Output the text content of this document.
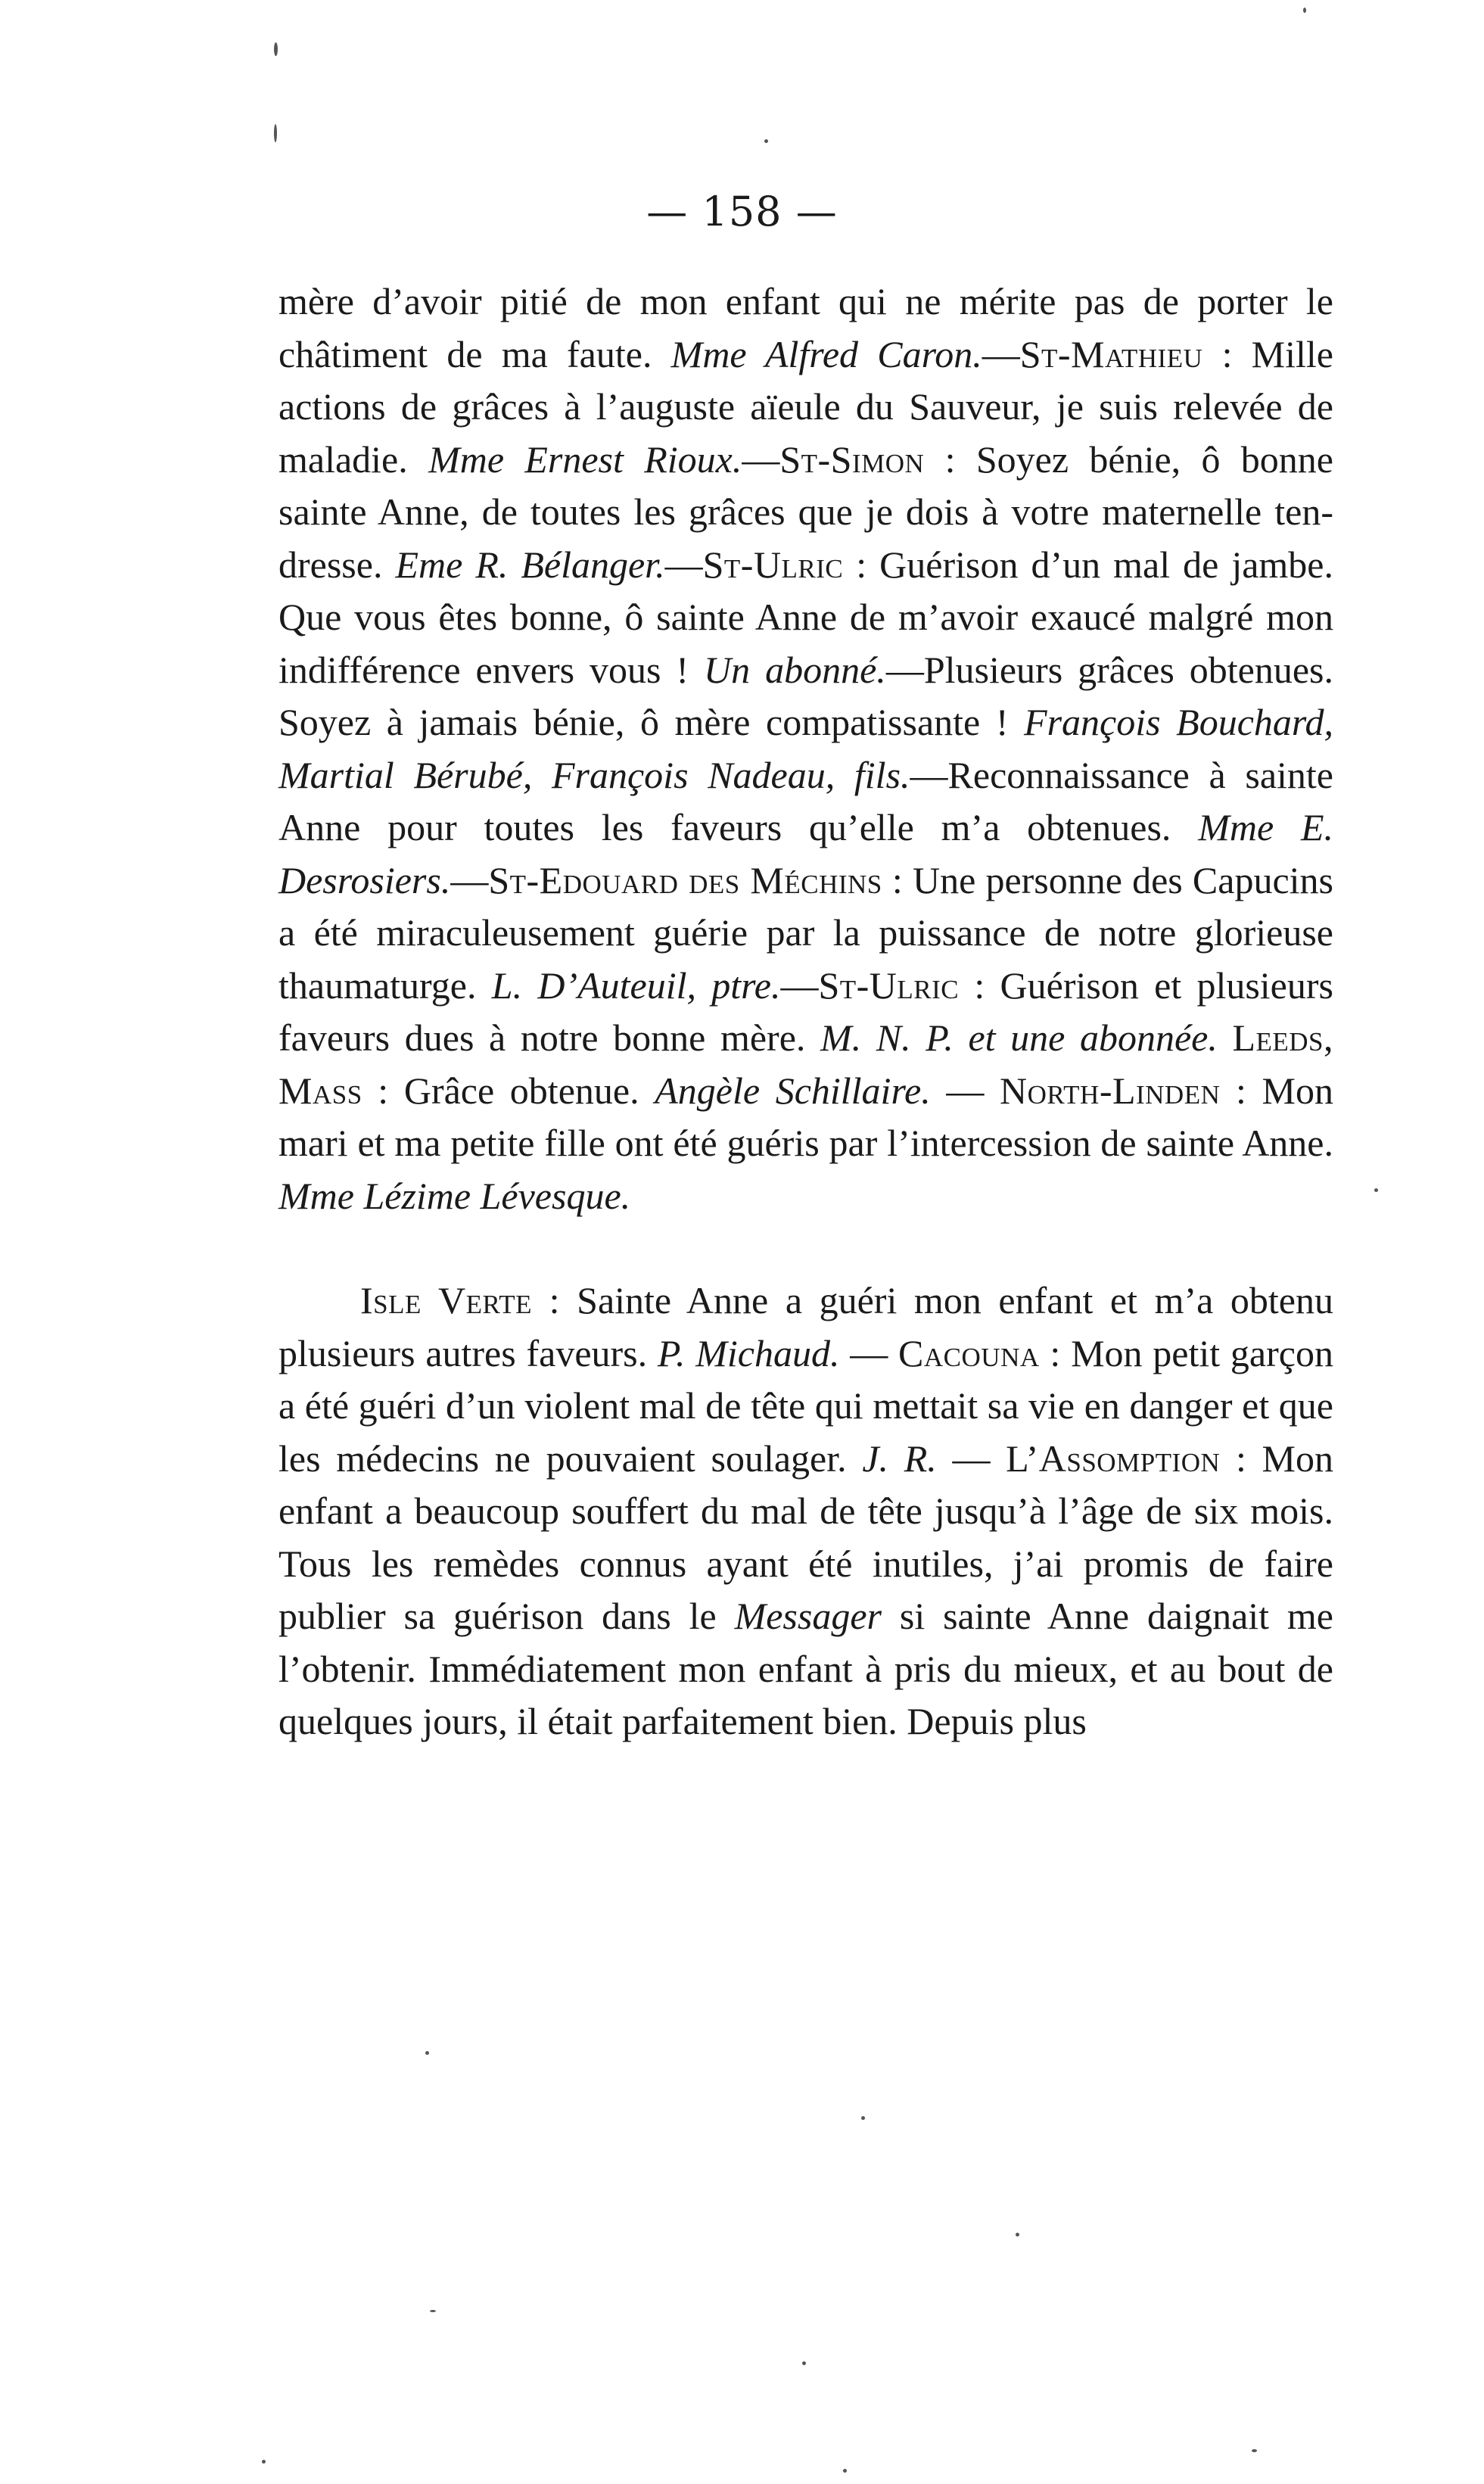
— 158 —

mère d’avoir pitié de mon enfant qui ne mérite pas de porter le châtiment de ma faute. Mme Alfred Caron.—St-Mathieu : Mille actions de grâces à l’auguste aïeule du Sauveur, je suis relevée de maladie. Mme Ernest Rioux.—St-Simon : Soyez bénie, ô bonne sainte Anne, de toutes les grâces que je dois à votre maternelle tendresse. Eme R. Bélanger.—St-Ulric : Guérison d’un mal de jambe. Que vous êtes bonne, ô sainte Anne de m’avoir exaucé malgré mon indifférence envers vous ! Un abonné.—Plusieurs grâces obtenues. Soyez à jamais bénie, ô mère compatissante ! François Bouchard, Martial Bérubé, François Nadeau, fils.—Reconnaissance à sainte Anne pour toutes les faveurs qu’elle m’a obtenues. Mme E. Desrosiers.—St-Edouard des Méchins : Une personne des Capucins a été miraculeusement guérie par la puissance de notre glorieuse thaumaturge. L. D’Auteuil, ptre.—St-Ulric : Guérison et plusieurs faveurs dues à notre bonne mère. M. N. P. et une abonnée. Leeds, Mass : Grâce obtenue. Angèle Schillaire. — North-Linden : Mon mari et ma petite fille ont été guéris par l’intercession de sainte Anne. Mme Lézime Lévesque.

Isle Verte : Sainte Anne a guéri mon enfant et m’a obtenu plusieurs autres faveurs. P. Michaud. — Cacouna : Mon petit garçon a été guéri d’un violent mal de tête qui mettait sa vie en danger et que les médecins ne pouvaient soulager. J. R. — L’Assomption : Mon enfant a beaucoup souffert du mal de tête jusqu’à l’âge de six mois. Tous les remèdes connus ayant été inutiles, j’ai promis de faire publier sa guérison dans le Messager si sainte Anne daignait me l’obtenir. Immédiatement mon enfant à pris du mieux, et au bout de quelques jours, il était parfaitement bien. Depuis plus
